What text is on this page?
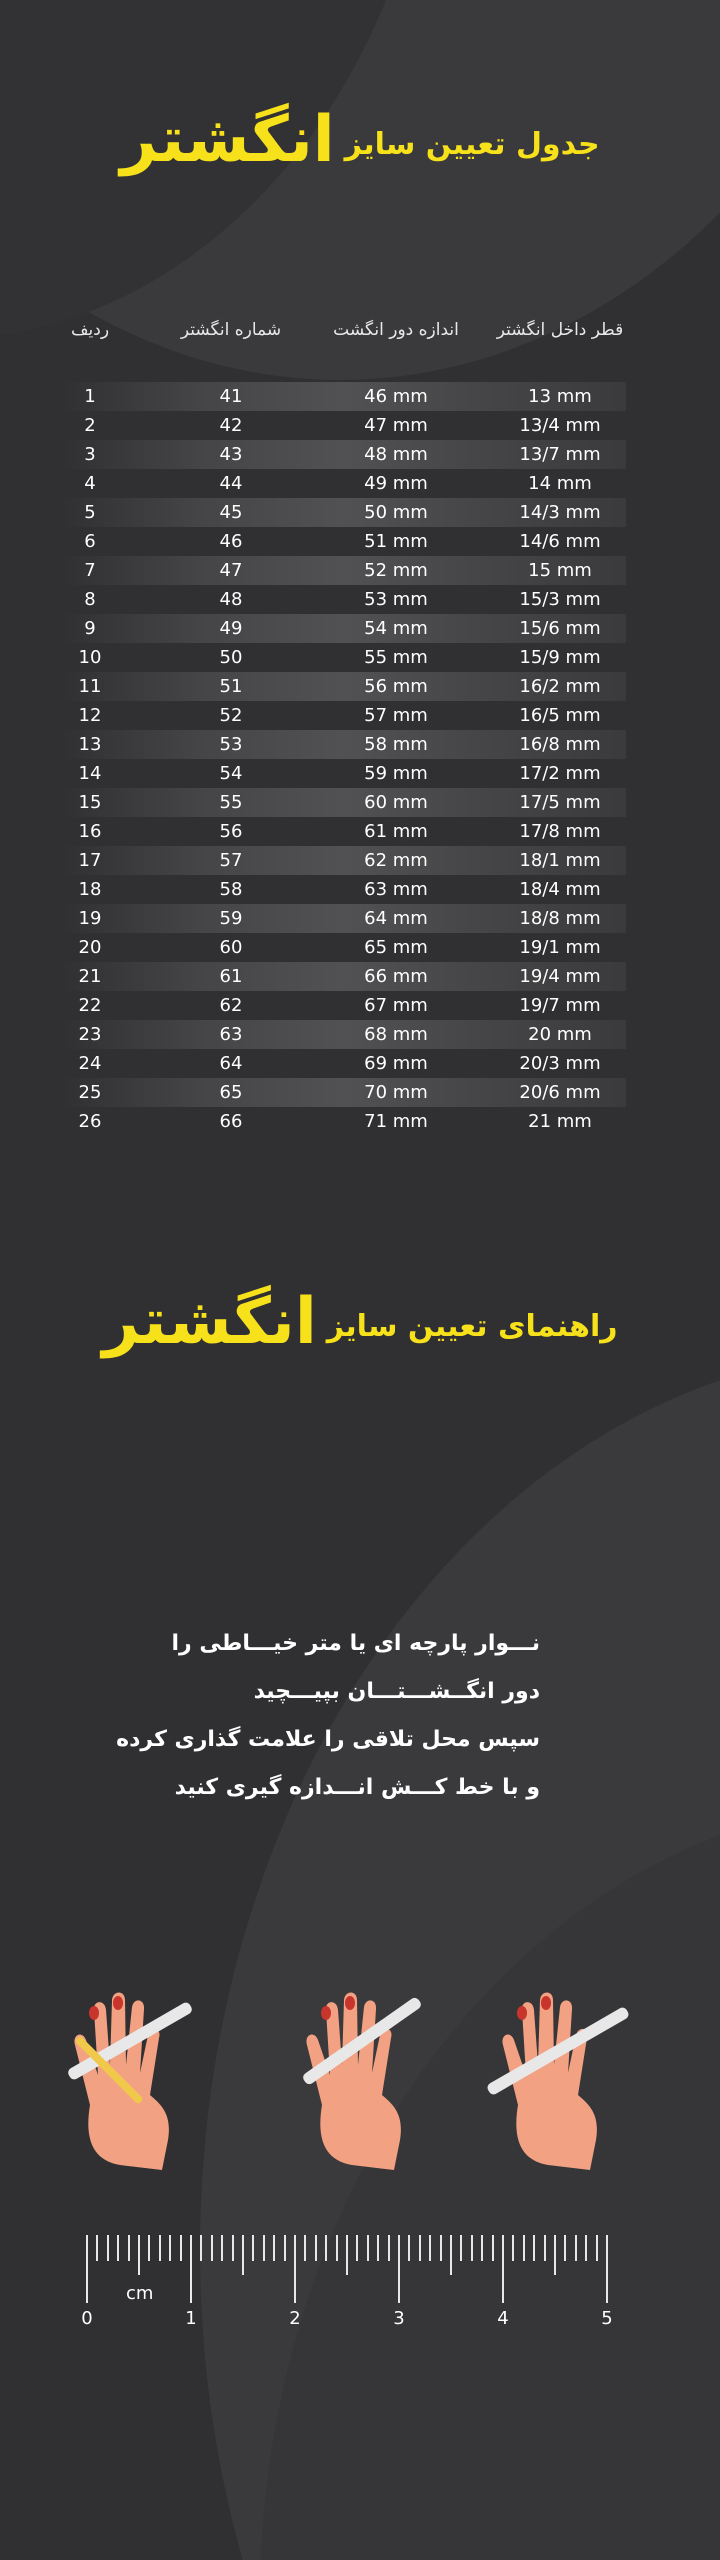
جدول تعیین سایز
انگشتر
ردیف	شماره انگشتر	اندازه دور انگشت	قطر داخل انگشتر
1	41	46 mm	13 mm
2	42	47 mm	13/4 mm
3	43	48 mm	13/7 mm
4	44	49 mm	14 mm
5	45	50 mm	14/3 mm
6	46	51 mm	14/6 mm
7	47	52 mm	15 mm
8	48	53 mm	15/3 mm
9	49	54 mm	15/6 mm
10	50	55 mm	15/9 mm
11	51	56 mm	16/2 mm
12	52	57 mm	16/5 mm
13	53	58 mm	16/8 mm
14	54	59 mm	17/2 mm
15	55	60 mm	17/5 mm
16	56	61 mm	17/8 mm
17	57	62 mm	18/1 mm
18	58	63 mm	18/4 mm
19	59	64 mm	18/8 mm
20	60	65 mm	19/1 mm
21	61	66 mm	19/4 mm
22	62	67 mm	19/7 mm
23	63	68 mm	20 mm
24	64	69 mm	20/3 mm
25	65	70 mm	20/6 mm
26	66	71 mm	21 mm
راهنمای تعیین سایز
انگشتر
نـــوار پارچه ای یا متر خیـــاطی را
دور انگــشـــتـــان بپیـــچید
سپس محل تلاقی را علامت گذاری کرده
و با خط کـــش انـــدازه گیری کنید
cm
0	1	2	3	4	5
